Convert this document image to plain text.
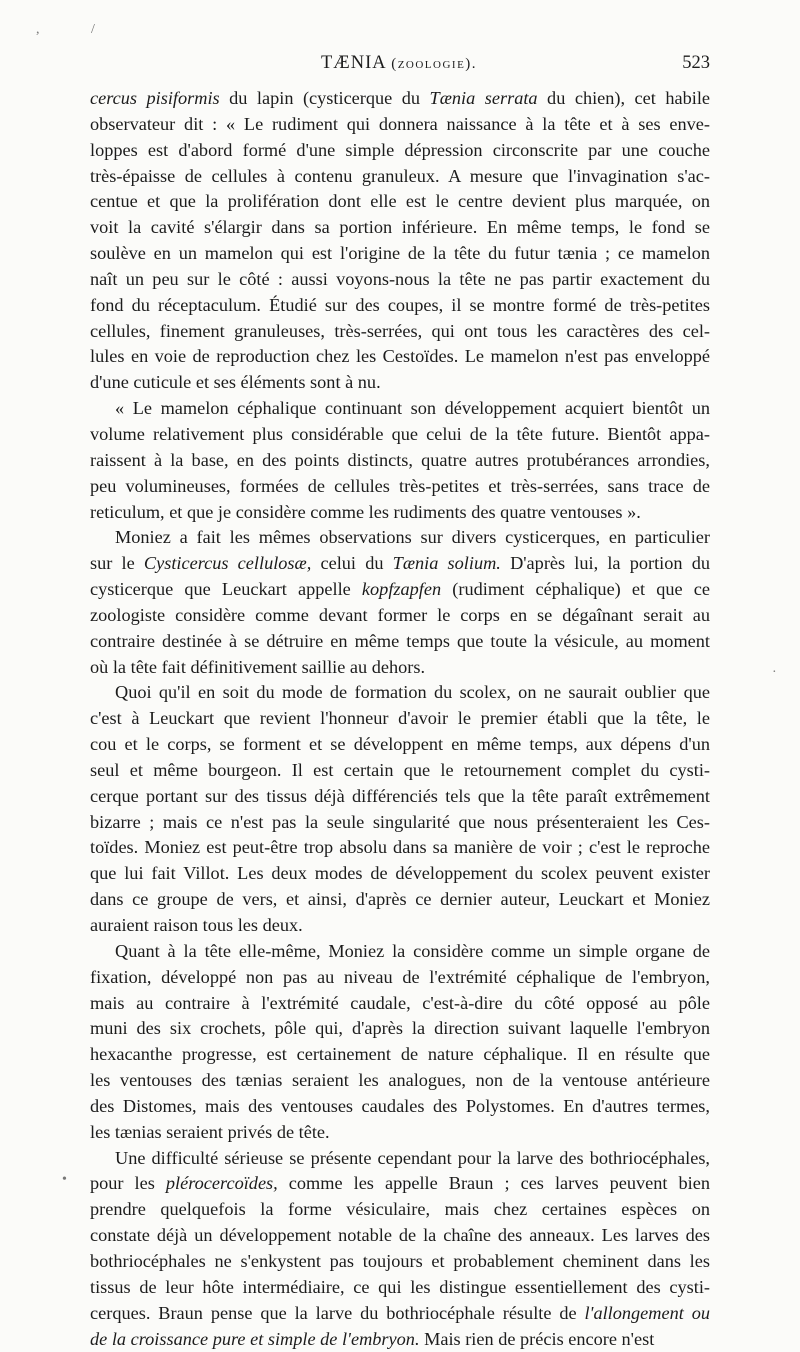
TÆNIA (zoologie).	523
cercus pisiformis du lapin (cysticerque du Tænia serrata du chien), cet habile
observateur dit : « Le rudiment qui donnera naissance à la tête et à ses enve-
loppes est d'abord formé d'une simple dépression circonscrite par une couche
très-épaisse de cellules à contenu granuleux. A mesure que l'invagination s'ac-
centue et que la prolifération dont elle est le centre devient plus marquée, on
voit la cavité s'élargir dans sa portion inférieure. En même temps, le fond se
soulève en un mamelon qui est l'origine de la tête du futur tænia ; ce mamelon
naît un peu sur le côté : aussi voyons-nous la tête ne pas partir exactement du
fond du réceptaculum. Étudié sur des coupes, il se montre formé de très-petites
cellules, finement granuleuses, très-serrées, qui ont tous les caractères des cel-
lules en voie de reproduction chez les Cestoïdes. Le mamelon n'est pas enveloppé
d'une cuticule et ses éléments sont à nu.
« Le mamelon céphalique continuant son développement acquiert bientôt un
volume relativement plus considérable que celui de la tête future. Bientôt appa-
raissent à la base, en des points distincts, quatre autres protubérances arrondies,
peu volumineuses, formées de cellules très-petites et très-serrées, sans trace de
reticulum, et que je considère comme les rudiments des quatre ventouses ».
Moniez a fait les mêmes observations sur divers cysticerques, en particulier
sur le Cysticercus cellulosæ, celui du Tænia solium. D'après lui, la portion du
cysticerque que Leuckart appelle kopfzapfen (rudiment céphalique) et que ce
zoologiste considère comme devant former le corps en se dégaînant serait au
contraire destinée à se détruire en même temps que toute la vésicule, au moment
où la tête fait définitivement saillie au dehors.
Quoi qu'il en soit du mode de formation du scolex, on ne saurait oublier que
c'est à Leuckart que revient l'honneur d'avoir le premier établi que la tête, le
cou et le corps, se forment et se développent en même temps, aux dépens d'un
seul et même bourgeon. Il est certain que le retournement complet du cysti-
cerque portant sur des tissus déjà différenciés tels que la tête paraît extrêmement
bizarre ; mais ce n'est pas la seule singularité que nous présenteraient les Ces-
toïdes. Moniez est peut-être trop absolu dans sa manière de voir ; c'est le reproche
que lui fait Villot. Les deux modes de développement du scolex peuvent exister
dans ce groupe de vers, et ainsi, d'après ce dernier auteur, Leuckart et Moniez
auraient raison tous les deux.
Quant à la tête elle-même, Moniez la considère comme un simple organe de
fixation, développé non pas au niveau de l'extrémité céphalique de l'embryon,
mais au contraire à l'extrémité caudale, c'est-à-dire du côté opposé au pôle
muni des six crochets, pôle qui, d'après la direction suivant laquelle l'embryon
hexacanthe progresse, est certainement de nature céphalique. Il en résulte que
les ventouses des tænias seraient les analogues, non de la ventouse antérieure
des Distomes, mais des ventouses caudales des Polystomes. En d'autres termes,
les tænias seraient privés de tête.
Une difficulté sérieuse se présente cependant pour la larve des bothriocéphales,
pour les plérocercoïdes, comme les appelle Braun ; ces larves peuvent bien
prendre quelquefois la forme vésiculaire, mais chez certaines espèces on
constate déjà un développement notable de la chaîne des anneaux. Les larves des
bothriocéphales ne s'enkystent pas toujours et probablement cheminent dans les
tissus de leur hôte intermédiaire, ce qui les distingue essentiellement des cysti-
cerques. Braun pense que la larve du bothriocéphale résulte de l'allongement ou
de la croissance pure et simple de l'embryon. Mais rien de précis encore n'est
,	/
·
•
